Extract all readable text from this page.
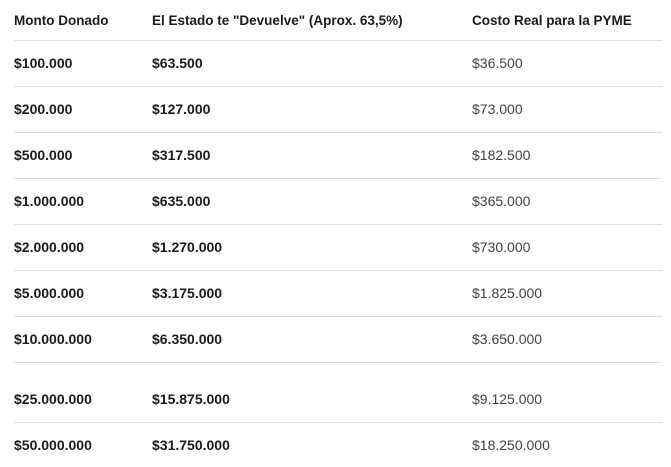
Monto Donado	El Estado te "Devuelve" (Aprox. 63,5%)	Costo Real para la PYME
$100.000	$63.500	$36.500
$200.000	$127.000	$73.000
$500.000	$317.500	$182.500
$1.000.000	$635.000	$365.000
$2.000.000	$1.270.000	$730.000
$5.000.000	$3.175.000	$1.825.000
$10.000.000	$6.350.000	$3.650.000

$25.000.000	$15.875.000	$9.125.000
$50.000.000	$31.750.000	$18.250.000
